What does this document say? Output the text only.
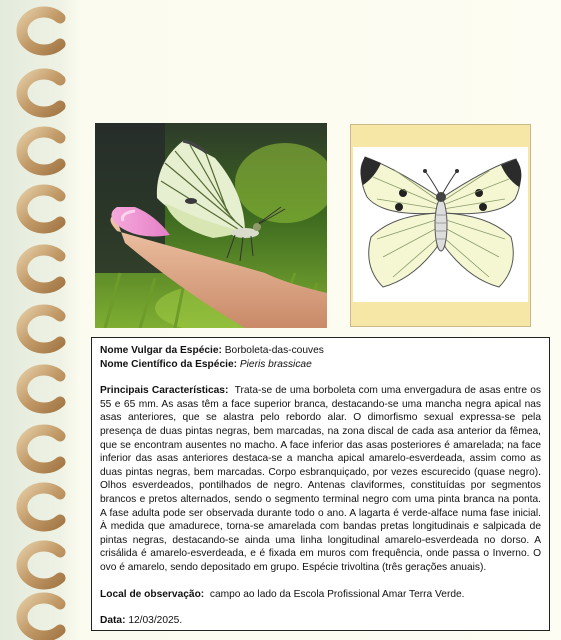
Nome Vulgar da Espécie: Borboleta-das-couves

Nome Científico da Espécie: Pieris brassicae

Principais Características: Trata-se de uma borboleta com uma envergadura de asas entre os 55 e 65 mm. As asas têm a face superior branca, destacando-se uma mancha negra apical nas asas anteriores, que se alastra pelo rebordo alar. O dimorfismo sexual expressa-se pela presença de duas pintas negras, bem marcadas, na zona discal de cada asa anterior da fêmea, que se encontram ausentes no macho. A face inferior das asas posteriores é amarelada; na face inferior das asas anteriores destaca-se a mancha apical amarelo-esverdeada, assim como as duas pintas negras, bem marcadas. Corpo esbranquiçado, por vezes escurecido (quase negro). Olhos esverdeados, pontilhados de negro. Antenas claviformes, constituídas por segmentos brancos e pretos alternados, sendo o segmento terminal negro com uma pinta branca na ponta. A fase adulta pode ser observada durante todo o ano. A lagarta é verde-alface numa fase inicial. À medida que amadurece, torna-se amarelada com bandas pretas longitudinais e salpicada de pintas negras, destacando-se ainda uma linha longitudinal amarelo-esverdeada no dorso. A crisálida é amarelo-esverdeada, e é fixada em muros com frequência, onde passa o Inverno. O ovo é amarelo, sendo depositado em grupo. Espécie trivoltina (três gerações anuais).

Local de observação: campo ao lado da Escola Profissional Amar Terra Verde.

Data: 12/03/2025.
